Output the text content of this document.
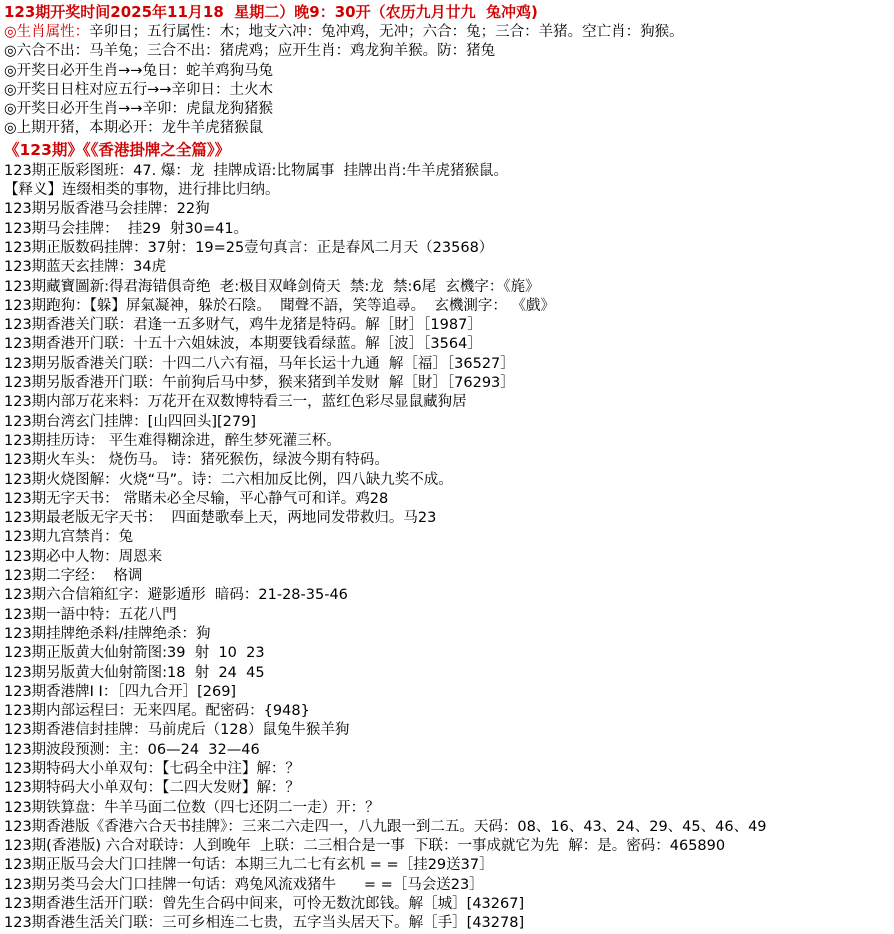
123期开奖时间2025年11月18  星期二）晚9：30开（农历九月廿九  兔冲鸡)
◎生肖属性：辛卯日；五行属性：木；地支六冲：兔冲鸡，无冲；六合：兔；三合：羊猪。空亡肖：狗猴。
◎六合不出：马羊兔；三合不出：猪虎鸡；应开生肖：鸡龙狗羊猴。防：猪兔
◎开奖日必开生肖→→兔日：蛇羊鸡狗马兔
◎开奖日日柱对应五行→→辛卯日：土火木
◎开奖日必开生肖→→辛卯：虎鼠龙狗猪猴
◎上期开猪，本期必开：龙牛羊虎猪猴鼠
《123期》《《香港掛牌之全篇》》
123期正版彩图班：47. 爆：龙  挂牌成语:比物属事  挂牌出肖:牛羊虎猪猴鼠。
【释义】连缀相类的事物，进行排比归纳。
123期另版香港马会挂牌：22狗
123期马会挂牌：  挂29  射30=41。
123期正版数码挂牌：37射：19=25壹句真言：正是春风二月天（23568）
123期蓝天玄挂牌：34虎
123期藏寶圖新:得君海错俱奇绝  老:极目双峰剑倚天  禁:龙  禁:6尾  玄機字：《旄》
123期跑狗：【躲】屏氣凝神，躲於石陰。  聞聲不語，笑等追尋。  玄機測字： 《戲》
123期香港关门联：君逢一五多财气，鸡牛龙猪是特码。解［財］［1987］
123期香港开门联：十五十六姐妹波，本期要钱看绿蓝。解［波］［3564］
123期另版香港关门联：十四二八六有福，马年长运十九通  解［福］［36527］
123期另版香港开门联：午前狗后马中梦，猴来猪到羊发财  解［財］［76293］
123期内部万花来料：万花开在双数博特看三一，蓝红色彩尽显鼠藏狗居
123期台湾玄门挂牌：[山四回头][279]
123期挂历诗： 平生难得糊涂进，醉生梦死灌三杯。
123期火车头： 烧伤马。 诗：猪死猴伤，绿波今期有特码。
123期火烧图解：火烧“马”。诗：二六相加反比例，四八缺九奖不成。
123期无字天书： 常賭未必全尽输，平心静气可和详。鸡28
123期最老版无字天书：  四面楚歌奉上天，两地同发带救归。马23
123期九宫禁肖：兔
123期必中人物：周恩来
123期二字经：  格调
123期六合信箱紅字：避影遁形  暗码：21-28-35-46
123期一語中特：五花八門
123期挂牌绝杀料/挂牌绝杀：狗
123期正版黄大仙射箭图:39  射  10  23
123期另版黄大仙射箭图:18  射  24  45
123期香港牌I I：［四九合开］[269]
123期内部运程曰：无来四尾。配密码：{948}
123期香港信封挂牌：马前虎后（128）鼠兔牛猴羊狗
123期波段预测：主：06—24  32—46
123期特码大小单双句：【七码全中注】解：？
123期特码大小单双句：【二四大发财】解：？
123期铁算盘：牛羊马面二位数（四七还阴二一走）开：？
123期香港版《香港六合天书挂牌》：三来二六走四一，八九跟一到二五。天码：08、16、43、24、29、45、46、49
123期(香港版) 六合对联诗：人到晚年  上联：二三相合是一事  下联：一事成就它为先  解：是。密码：465890
123期正版马会大门口挂牌一句话：本期三九二七有玄机 = =［挂29送37］
123期另类马会大门口挂牌一句话：鸡兔风流戏猪牛      = =［马会送23］
123期香港生活开门联：曾先生合码中间来，可怜无数沈郎钱。解［城］[43267]
123期香港生活关门联：三可乡相连二七贵，五字当头居天下。解［手］[43278]
